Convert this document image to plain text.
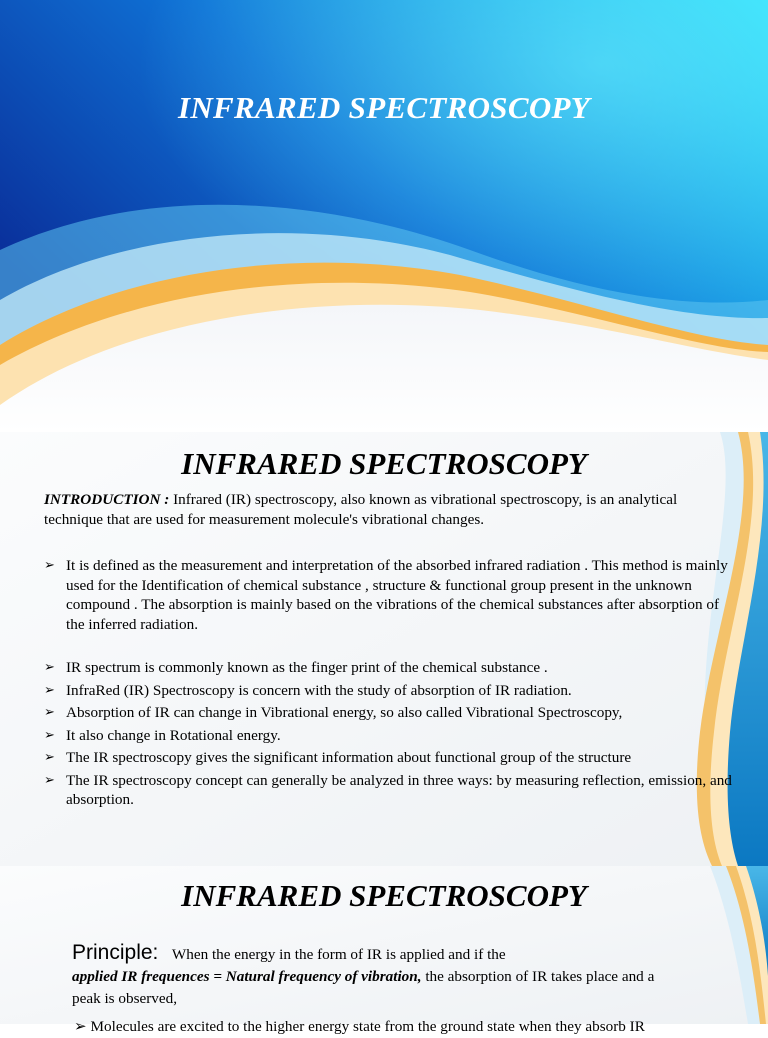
INFRARED SPECTROSCOPY
INFRARED SPECTROSCOPY
INTRODUCTION : Infrared (IR) spectroscopy, also known as vibrational spectroscopy, is an analytical technique that are used for measurement molecule's vibrational changes.
➢ It is defined as the measurement and interpretation of the absorbed infrared radiation . This method is mainly used for the Identification of chemical substance , structure & functional group present in the unknown compound . The absorption is mainly based on the vibrations of the chemical substances after absorption of the inferred radiation.
➢ IR spectrum is commonly known as the finger print of the chemical substance .
➢ InfraRed (IR) Spectroscopy is concern with the study of absorption of IR radiation.
➢ Absorption of IR can change in Vibrational energy, so also called Vibrational Spectroscopy,
➢ It also change in Rotational energy.
➢ The IR spectroscopy gives the significant information about functional group of the structure
➢ The IR spectroscopy concept can generally be analyzed in three ways: by measuring reflection, emission, and absorption.
INFRARED SPECTROSCOPY
Principle: When the energy in the form of IR is applied and if the
applied IR frequences = Natural frequency of vibration, the absorption of IR takes place and a
peak is observed,
➢ Molecules are excited to the higher energy state from the ground state when they absorb IR
